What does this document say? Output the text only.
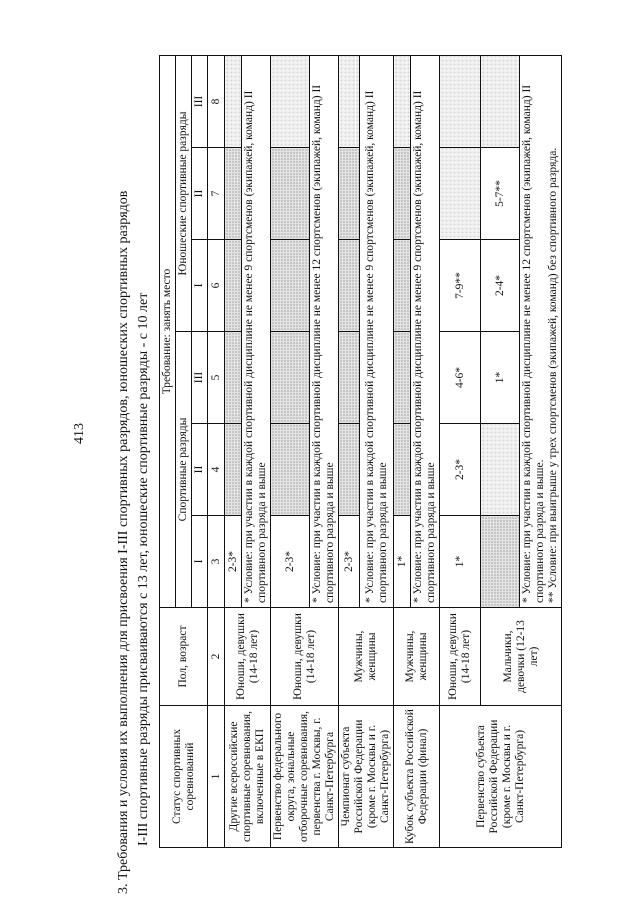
413 3. Требования и условия их выполнения для присвоения I-III спортивных разрядов, юношеских спортивных разрядов I-III спортивные разряды присваиваются с 13 лет, юношеские спортивные разряды - с 10 лет Статус спортивных соревнований	Пол, возраст	Требование: занять место					
		Спортивные разряды			Юношеские спортивные разряды		
		I	II	III	I	II	III
1	2	3	4	5	6	7	8
Другие всероссийские спортивные соревнования, включенные в ЕКП	Юноши, девушки (14-18 лет)	2-3*					
		* Условие: при участии в каждой спортивной дисциплине не менее 9 спортсменов (экипажей, команд) II спортивного разряда и выше					
Первенство федерального округа, зональные отборочные соревнования, первенства г. Москвы, г. Санкт-Петербурга	Юноши, девушки (14-18 лет)	2-3*					
		* Условие: при участии в каждой спортивной дисциплине не менее 12 спортсменов (экипажей, команд) II спортивного разряда и выше					
Чемпионат субъекта Российской Федерации (кроме г. Москвы и г. Санкт-Петербурга)	Мужчины, женщины	2-3*					
		* Условие: при участии в каждой спортивной дисциплине не менее 9 спортсменов (экипажей, команд) II спортивного разряда и выше					
Кубок субъекта Российской Федерации (финал)	Мужчины, женщины	1*					
		* Условие: при участии в каждой спортивной дисциплине не менее 9 спортсменов (экипажей, команд) II спортивного разряда и выше					
Первенство субъекта Российской Федерации (кроме г. Москвы и г. Санкт-Петербурга)	Юноши, девушки (14-18 лет)	1*	2-3*	4-6*	7-9**		
	Мальчики, девочки (12-13 лет)			1*	2-4*	5-7**	

		* Условие: при участии в каждой спортивной дисциплине не менее 12 спортсменов (экипажей, команд) II спортивного разряда и выше. ** Условие: при выигрыше у трех спортсменов (экипажей, команд) без спортивного разряда.					
